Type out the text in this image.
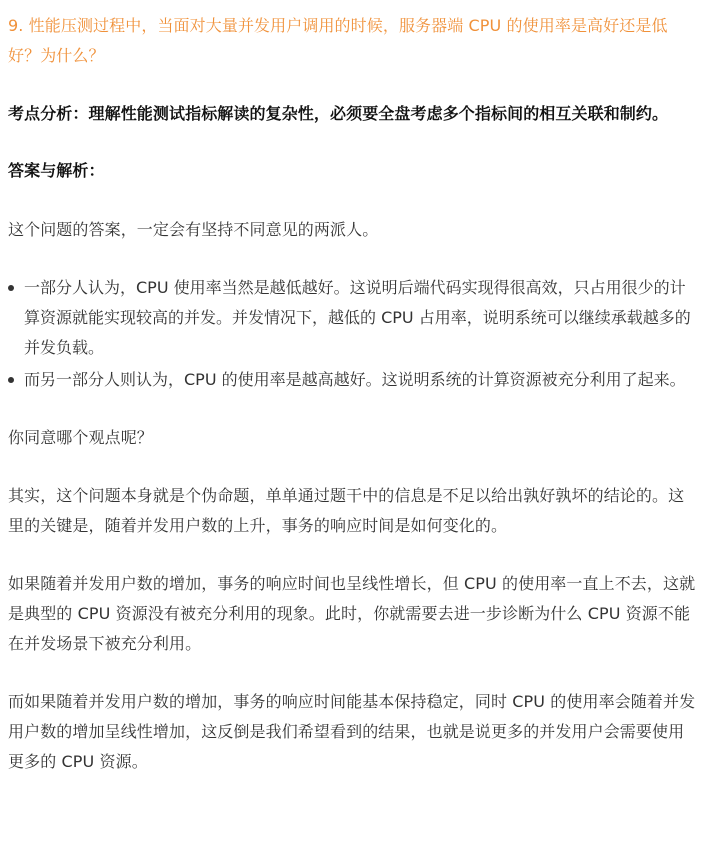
9. 性能压测过程中，当面对大量并发用户调用的时候，服务器端 CPU 的使用率是高好还是低好？为什么？

考点分析：理解性能测试指标解读的复杂性，必须要全盘考虑多个指标间的相互关联和制约。

答案与解析：

这个问题的答案，一定会有坚持不同意见的两派人。

一部分人认为，CPU 使用率当然是越低越好。这说明后端代码实现得很高效，只占用很少的计算资源就能实现较高的并发。并发情况下，越低的 CPU 占用率，说明系统可以继续承载越多的并发负载。
而另一部分人则认为，CPU 的使用率是越高越好。这说明系统的计算资源被充分利用了起来。

你同意哪个观点呢？

其实，这个问题本身就是个伪命题，单单通过题干中的信息是不足以给出孰好孰坏的结论的。这里的关键是，随着并发用户数的上升，事务的响应时间是如何变化的。

如果随着并发用户数的增加，事务的响应时间也呈线性增长，但 CPU 的使用率一直上不去，这就是典型的 CPU 资源没有被充分利用的现象。此时，你就需要去进一步诊断为什么 CPU 资源不能在并发场景下被充分利用。

而如果随着并发用户数的增加，事务的响应时间能基本保持稳定，同时 CPU 的使用率会随着并发用户数的增加呈线性增加，这反倒是我们希望看到的结果，也就是说更多的并发用户会需要使用更多的 CPU 资源。
